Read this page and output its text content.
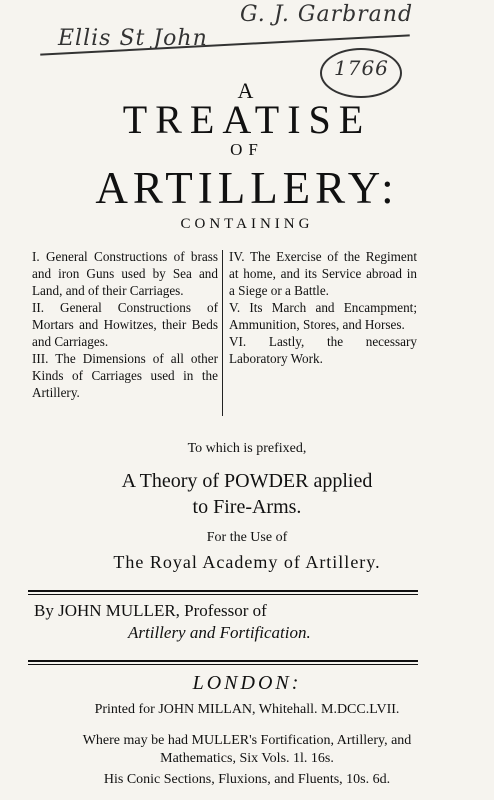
G. J. Garbrand
Ellis St John
1766
A
TREATISE
OF
ARTILLERY:
CONTAINING

I. General Constructions of brass and iron Guns used by Sea and Land, and of their Carriages.

II. General Constructions of Mortars and Howitzes, their Beds and Carriages.

III. The Dimensions of all other Kinds of Carriages used in the Artillery.

IV. The Exercise of the Regiment at home, and its Service abroad in a Siege or a Battle.

V. Its March and Encampment; Ammunition, Stores, and Horses.

VI. Lastly, the necessary Laboratory Work.

To which is prefixed,
A Theory of POWDER applied
to Fire-Arms.
For the Use of
The Royal Academy of Artillery.
By JOHN MULLER, Professor of
Artillery and Fortification.
LONDON:
Printed for JOHN MILLAN, Whitehall. M.DCC.LVII.
Where may be had MULLER's Fortification, Artillery, and
Mathematics, Six Vols. 1l. 16s.
His Conic Sections, Fluxions, and Fluents, 10s. 6d.
